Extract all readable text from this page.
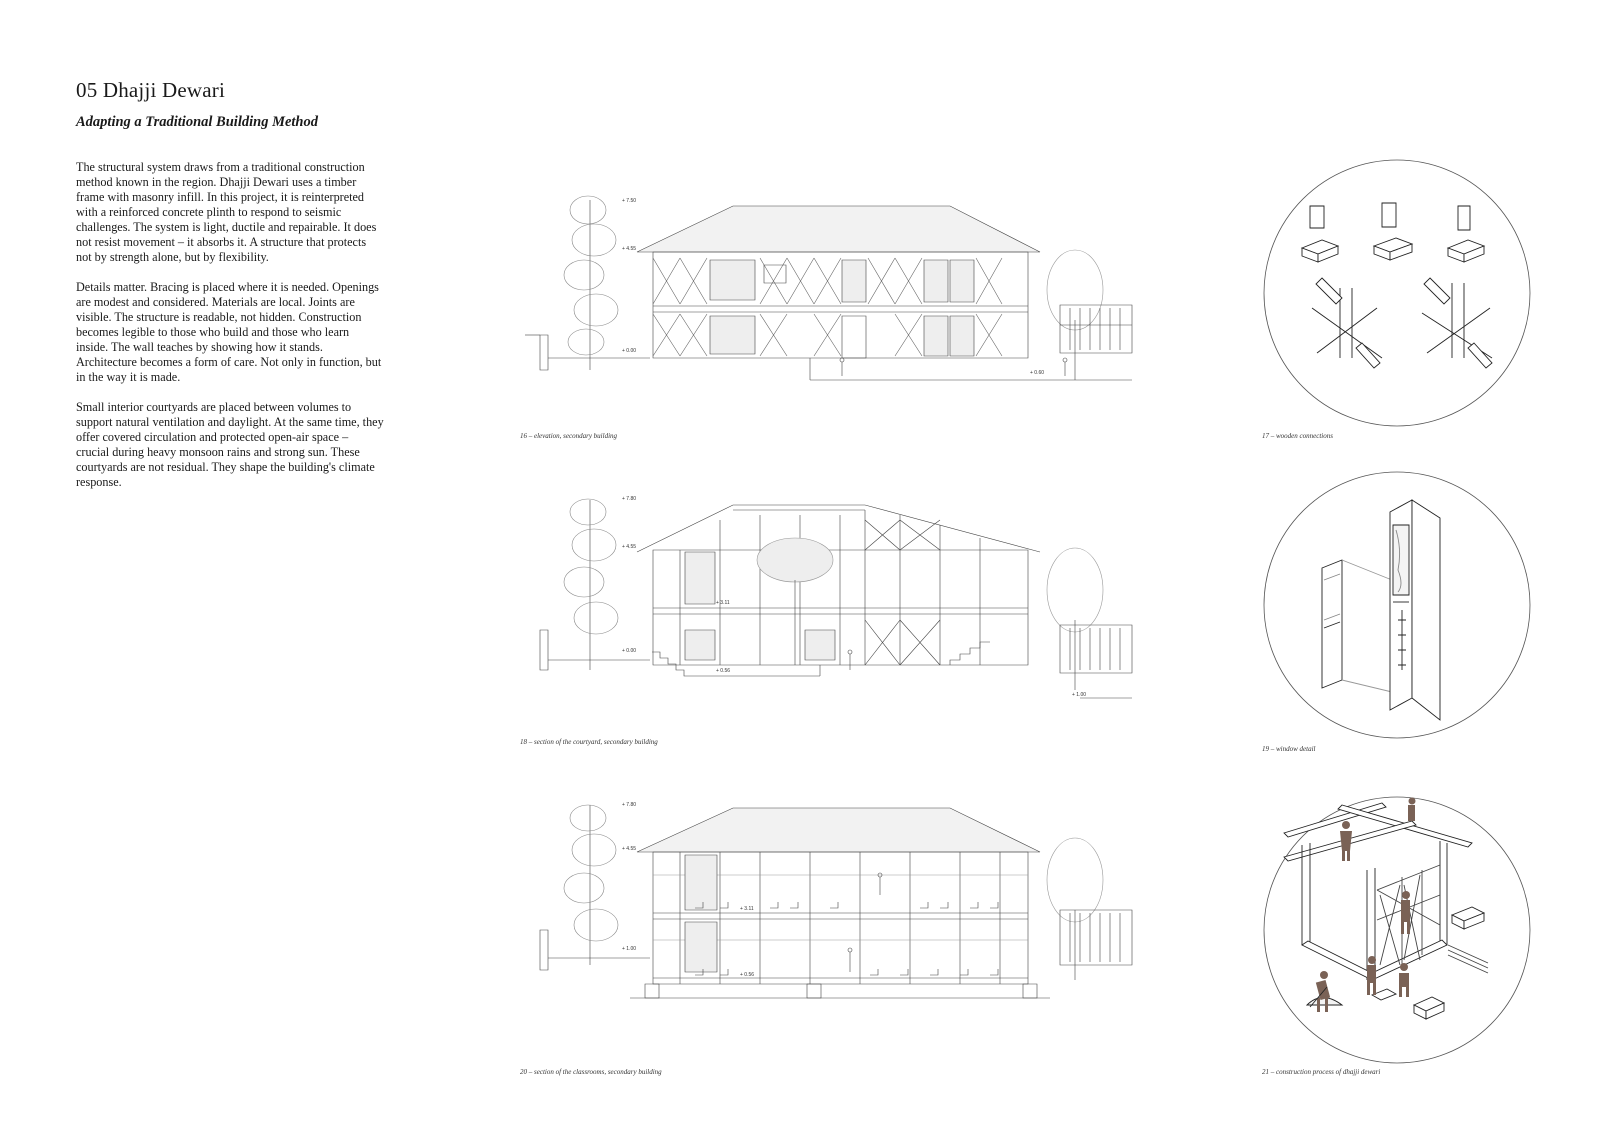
05 Dhajji Dewari
Adapting a Traditional Building Method

The structural system draws from a traditional construction method known in the region. Dhajji Dewari uses a timber frame with masonry infill. In this project, it is reinterpreted with a reinforced concrete plinth to respond to seismic challenges. The system is light, ductile and repairable. It does not resist movement – it absorbs it. A structure that protects not by strength alone, but by flexibility.

Details matter. Bracing is placed where it is needed. Openings are modest and considered. Materials are local. Joints are visible. The structure is readable, not hidden. Construction becomes legible to those who build and those who learn inside. The wall teaches by showing how it stands. Architecture becomes a form of care. Not only in function, but in the way it is made.

Small interior courtyards are placed between volumes to support natural ventilation and daylight. At the same time, they offer covered circulation and protected open-air space – crucial during heavy monsoon rains and strong sun. These courtyards are not residual. They shape the building's climate response.

+ 7.50
+ 4.55
+ 0.00
+ 0.60
16 – elevation, secondary building	17 – wooden connections
+ 7.80
+ 4.55
+ 3.11
+ 0.00
+ 0.56
+ 1.00
18 – section of the courtyard, secondary building
19 – window detail
+ 7.80
+ 4.55
+ 3.11
+ 1.00
+ 0.56
20 – section of the classrooms, secondary building	21 – construction process of dhajji dewari
